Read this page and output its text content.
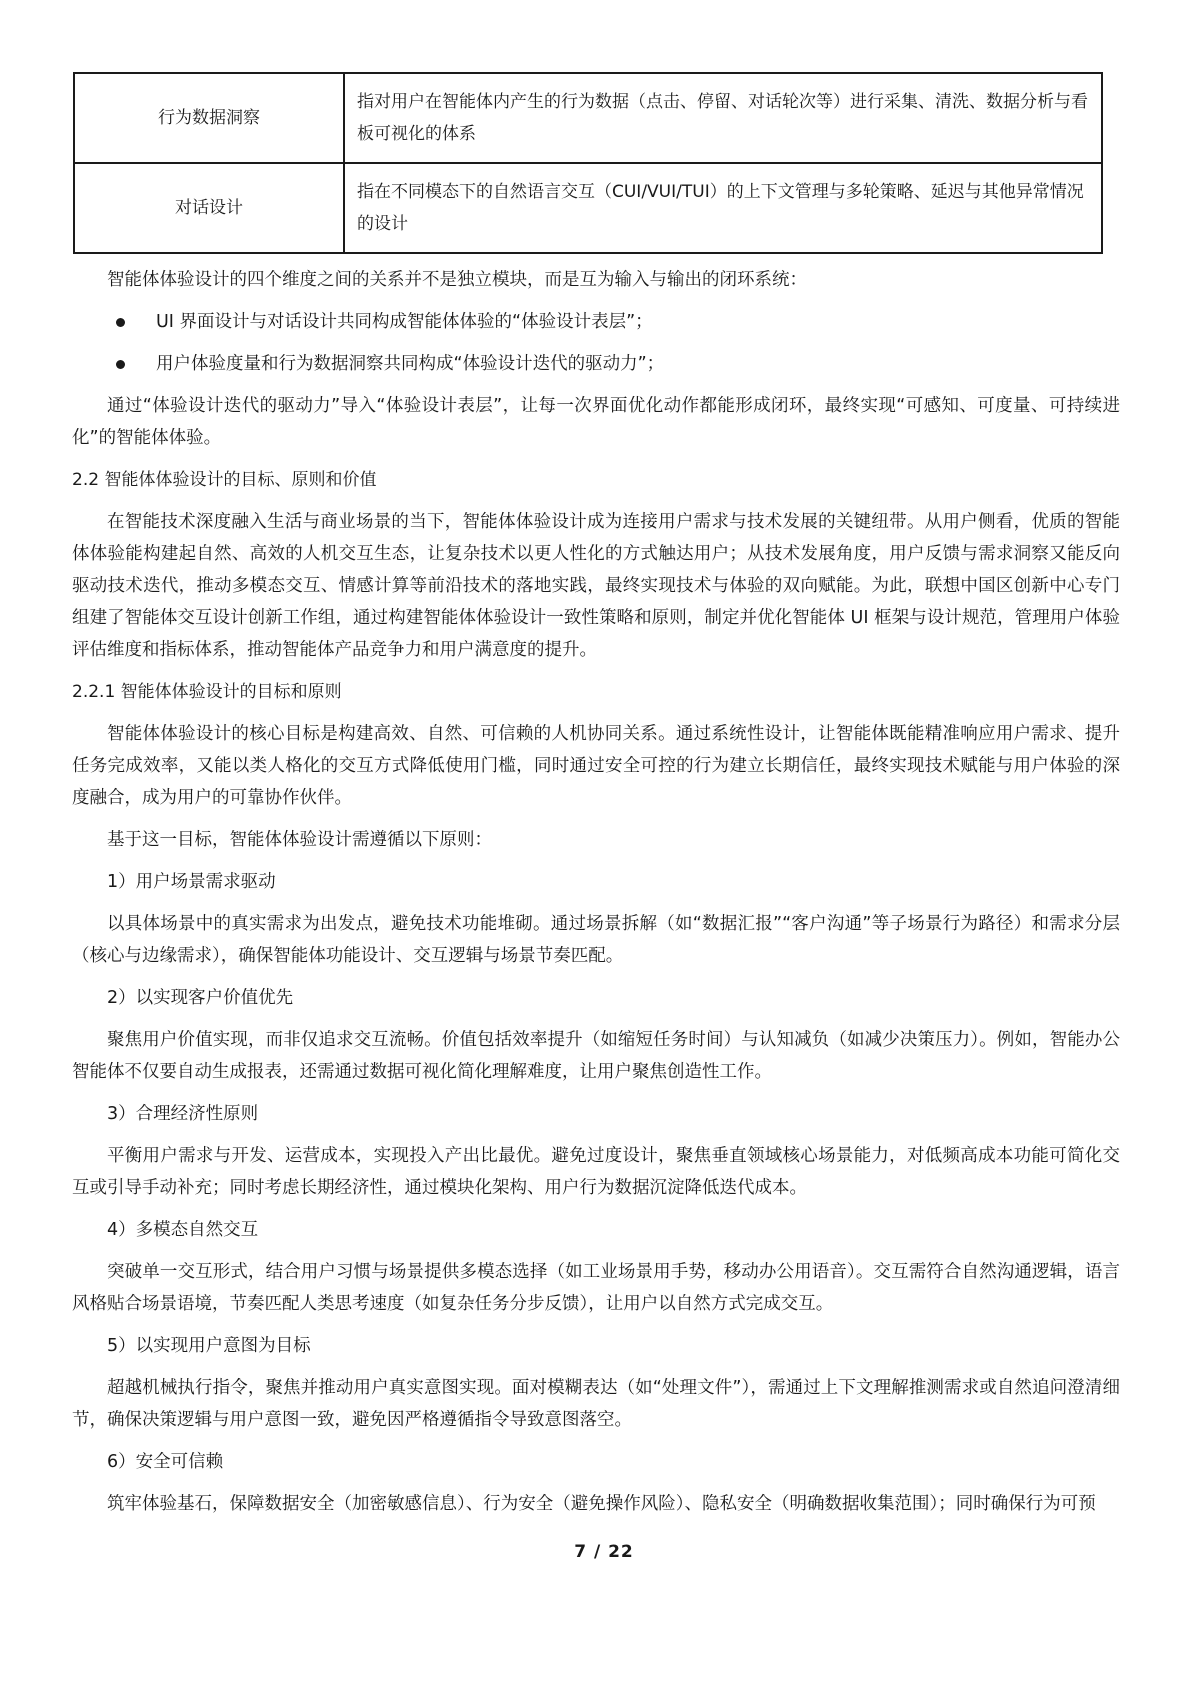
行为数据洞察	指对用户在智能体内产生的行为数据（点击、停留、对话轮次等）进行采集、清洗、数据分析与看板可视化的体系
对话设计	指在不同模态下的自然语言交互（CUI/VUI/TUI）的上下文管理与多轮策略、延迟与其他异常情况的设计

智能体体验设计的四个维度之间的关系并不是独立模块，而是互为输入与输出的闭环系统：

UI 界面设计与对话设计共同构成智能体体验的“体验设计表层”；
用户体验度量和行为数据洞察共同构成“体验设计迭代的驱动力”；

通过“体验设计迭代的驱动力”导入“体验设计表层”，让每一次界面优化动作都能形成闭环，最终实现“可感知、可度量、可持续进化”的智能体体验。

2.2 智能体体验设计的目标、原则和价值

在智能技术深度融入生活与商业场景的当下，智能体体验设计成为连接用户需求与技术发展的关键纽带。从用户侧看，优质的智能体体验能构建起自然、高效的人机交互生态，让复杂技术以更人性化的方式触达用户；从技术发展角度，用户反馈与需求洞察又能反向驱动技术迭代，推动多模态交互、情感计算等前沿技术的落地实践，最终实现技术与体验的双向赋能。为此，联想中国区创新中心专门组建了智能体交互设计创新工作组，通过构建智能体体验设计一致性策略和原则，制定并优化智能体 UI 框架与设计规范，管理用户体验评估维度和指标体系，推动智能体产品竞争力和用户满意度的提升。

2.2.1 智能体体验设计的目标和原则

智能体体验设计的核心目标是构建高效、自然、可信赖的人机协同关系。通过系统性设计，让智能体既能精准响应用户需求、提升任务完成效率，又能以类人格化的交互方式降低使用门槛，同时通过安全可控的行为建立长期信任，最终实现技术赋能与用户体验的深度融合，成为用户的可靠协作伙伴。

基于这一目标，智能体体验设计需遵循以下原则：

1）用户场景需求驱动

以具体场景中的真实需求为出发点，避免技术功能堆砌。通过场景拆解（如“数据汇报”“客户沟通”等子场景行为路径）和需求分层（核心与边缘需求），确保智能体功能设计、交互逻辑与场景节奏匹配。

2）以实现客户价值优先

聚焦用户价值实现，而非仅追求交互流畅。价值包括效率提升（如缩短任务时间）与认知减负（如减少决策压力）。例如，智能办公智能体不仅要自动生成报表，还需通过数据可视化简化理解难度，让用户聚焦创造性工作。

3）合理经济性原则

平衡用户需求与开发、运营成本，实现投入产出比最优。避免过度设计，聚焦垂直领域核心场景能力，对低频高成本功能可简化交互或引导手动补充；同时考虑长期经济性，通过模块化架构、用户行为数据沉淀降低迭代成本。

4）多模态自然交互

突破单一交互形式，结合用户习惯与场景提供多模态选择（如工业场景用手势，移动办公用语音）。交互需符合自然沟通逻辑，语言风格贴合场景语境，节奏匹配人类思考速度（如复杂任务分步反馈），让用户以自然方式完成交互。

5）以实现用户意图为目标

超越机械执行指令，聚焦并推动用户真实意图实现。面对模糊表达（如“处理文件”），需通过上下文理解推测需求或自然追问澄清细节，确保决策逻辑与用户意图一致，避免因严格遵循指令导致意图落空。

6）安全可信赖

筑牢体验基石，保障数据安全（加密敏感信息）、行为安全（避免操作风险）、隐私安全（明确数据收集范围）；同时确保行为可预

7 / 22
